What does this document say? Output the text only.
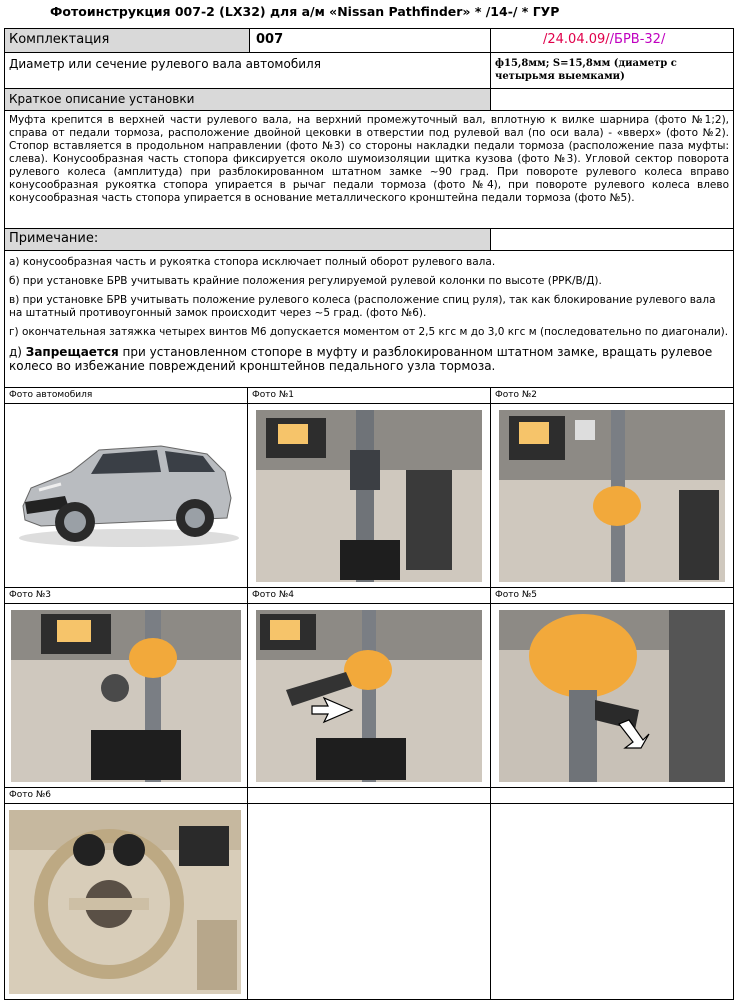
Фотоинструкция 007-2 (LX32) для а/м «Nissan Pathfinder» * /14-/ * ГУР
Комплектация	007	/24.04.09//БРВ-32/
Диаметр или сечение рулевого вала автомобиля	ф15,8мм; S=15,8мм (диаметр с четырьмя выемками)
Краткое описание установки
Муфта крепится в верхней части рулевого вала, на верхний промежуточный вал, вплотную к вилке шарнира (фото №1;2), справа от педали тормоза, расположение двойной цековки в отверстии под рулевой вал (по оси вала) - «вверх» (фото №2). Стопор вставляется в продольном направлении (фото №3) со стороны накладки педали тормоза (расположение паза муфты: слева). Конусообразная часть стопора фиксируется около шумоизоляции щитка кузова (фото №3). Угловой сектор поворота рулевого колеса (амплитуда) при разблокированном штатном замке ~90 град. При повороте рулевого колеса вправо конусообразная рукоятка стопора упирается в рычаг педали тормоза (фото №4), при повороте рулевого колеса влево конусообразная часть стопора упирается в основание металлического кронштейна педали тормоза (фото №5).
Примечание:

а) конусообразная часть и рукоятка стопора исключает полный оборот рулевого вала.

б) при установке БРВ учитывать крайние положения регулируемой рулевой колонки по высоте (РРК/В/Д).

в) при установке БРВ учитывать положение рулевого колеса (расположение спиц руля), так как блокирование рулевого вала на штатный противоугонный замок происходит через ~5 град. (фото №6).

г) окончательная затяжка четырех винтов М6 допускается моментом от 2,5 кгс м до 3,0 кгс м (последовательно по диагонали).

д) Запрещается при установленном стопоре в муфту и разблокированном штатном замке, вращать рулевое колесо во избежание повреждений кронштейнов педального узла тормоза.

Фото автомобиля	Фото №1	Фото №2
Фото №3	Фото №4	Фото №5
Фото №6
